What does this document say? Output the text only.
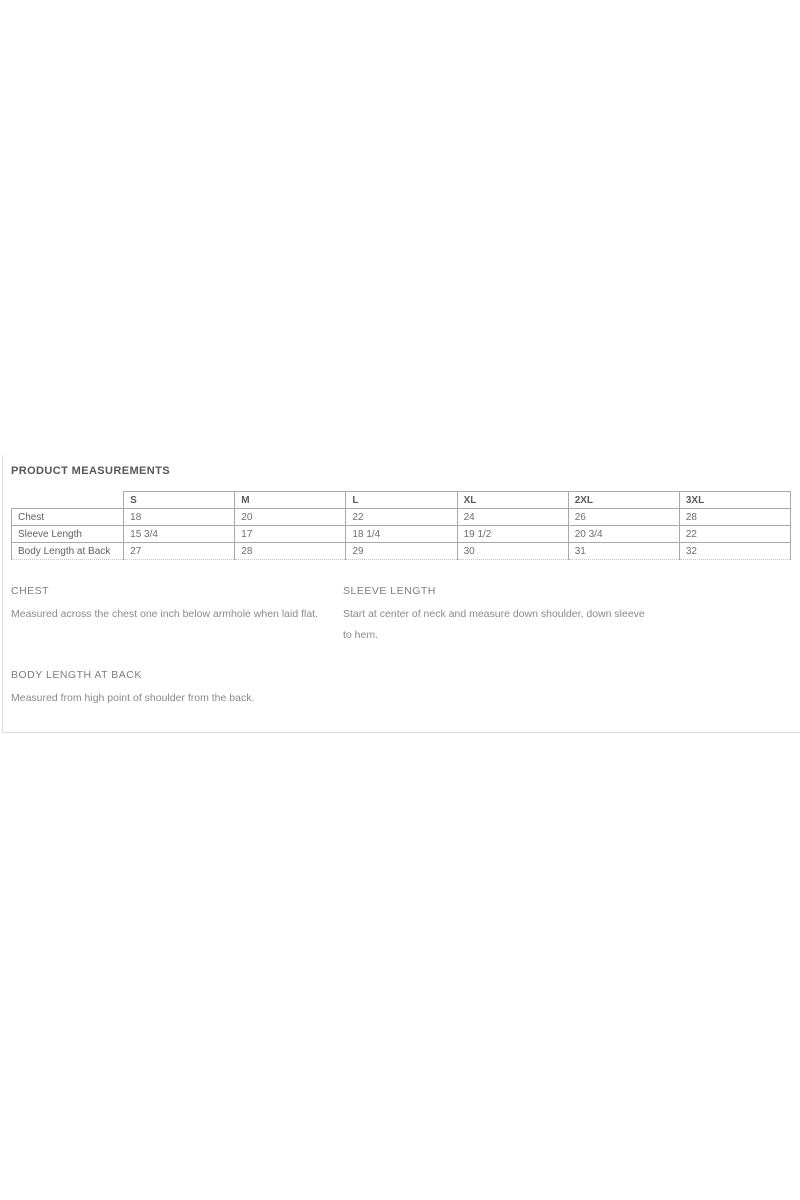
PRODUCT MEASUREMENTS
	S	M	L	XL	2XL	3XL
Chest	18	20	22	24	26	28
Sleeve Length	15 3/4	17	18 1/4	19 1/2	20 3/4	22
Body Length at Back	27	28	29	30	31	32
CHEST
Measured across the chest one inch below armhole when laid flat.
SLEEVE LENGTH
Start at center of neck and measure down shoulder, down sleeve to hem.
BODY LENGTH AT BACK
Measured from high point of shoulder from the back.
